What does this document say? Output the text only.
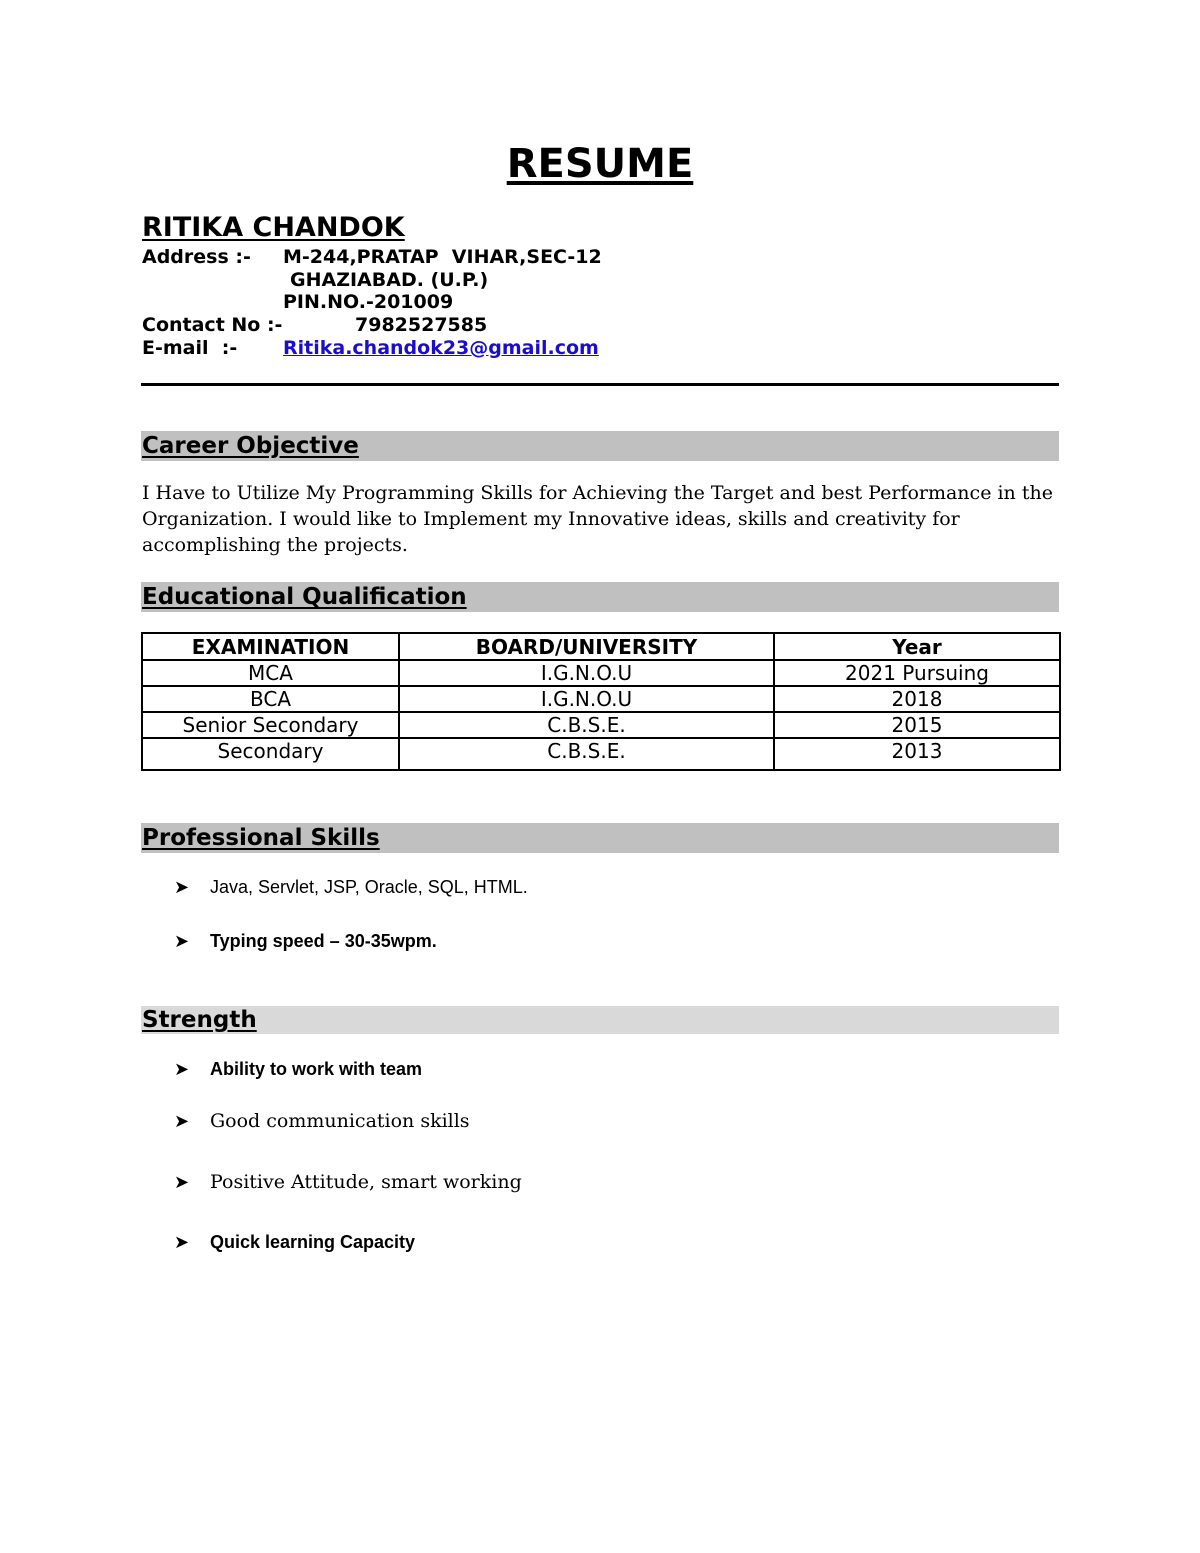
RESUME
RITIKA CHANDOK
Address :- M-244,PRATAP  VIHAR,SEC-12
GHAZIABAD. (U.P.)
PIN.NO.-201009
Contact No :-	7982527585
E-mail  :- Ritika.chandok23@gmail.com
Career Objective
I Have to Utilize My Programming Skills for Achieving the Target and best Performance in the Organization. I would like to Implement my Innovative ideas, skills and creativity for accomplishing the projects.
Educational Qualification
EXAMINATION	BOARD/UNIVERSITY	Year
MCA	I.G.N.O.U	2021 Pursuing
BCA	I.G.N.O.U	2018
Senior Secondary	C.B.S.E.	2015
Secondary	C.B.S.E.	2013
Professional Skills
➤ Java, Servlet, JSP, Oracle, SQL, HTML.
➤ Typing speed – 30-35wpm.
Strength
➤ Ability to work with team
➤ Good communication skills
➤ Positive Attitude, smart working
➤ Quick learning Capacity
